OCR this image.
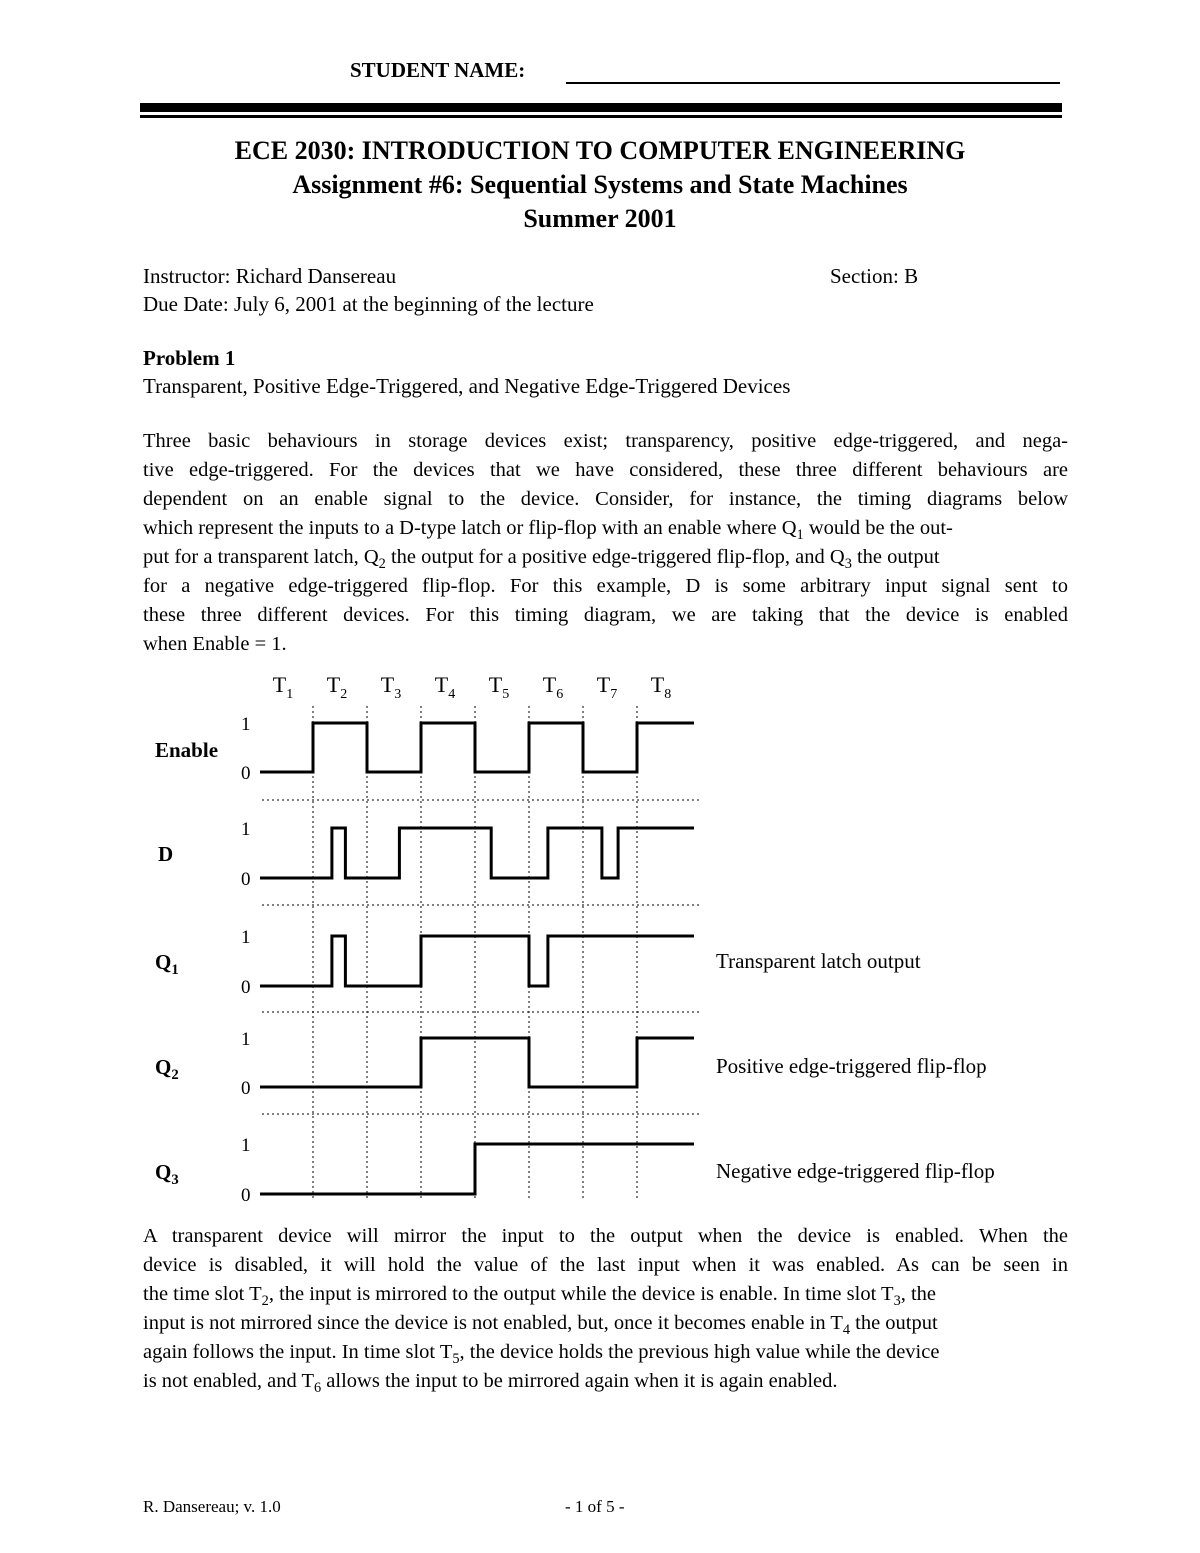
STUDENT NAME:
ECE 2030: INTRODUCTION TO COMPUTER ENGINEERING
Assignment #6: Sequential Systems and State Machines
Summer 2001
Instructor: Richard Dansereau	Section: B
Due Date: July 6, 2001 at the beginning of the lecture
Problem 1
Transparent, Positive Edge-Triggered, and Negative Edge-Triggered Devices
Three basic behaviours in storage devices exist; transparency, positive edge-triggered, and nega-
tive edge-triggered. For the devices that we have considered, these three different behaviours are
dependent on an enable signal to the device. Consider, for instance, the timing diagrams below
which represent the inputs to a D-type latch or flip-flop with an enable where $Q_1$ would be the out-
put for a transparent latch, $Q_2$ the output for a positive edge-triggered flip-flop, and $Q_3$ the output
for a negative edge-triggered flip-flop. For this example, D is some arbitrary input signal sent to
these three different devices. For this timing diagram, we are taking that the device is enabled
when Enable = 1.
$T_1$ $T_2$ $T_3$ $T_4$ $T_5$ $T_6$ $T_7$ $T_8$
1
0
1
0
1
0
1
0
1
0
Enable
D
$Q_1$
$Q_2$
$Q_3$
Transparent latch output
Positive edge-triggered flip-flop
Negative edge-triggered flip-flop
A transparent device will mirror the input to the output when the device is enabled. When the
device is disabled, it will hold the value of the last input when it was enabled. As can be seen in
the time slot $T_2$, the input is mirrored to the output while the device is enable. In time slot $T_3$, the
input is not mirrored since the device is not enabled, but, once it becomes enable in $T_4$ the output
again follows the input. In time slot $T_5$, the device holds the previous high value while the device
is not enabled, and $T_6$ allows the input to be mirrored again when it is again enabled.
R. Dansereau; v. 1.0	- 1 of 5 -
